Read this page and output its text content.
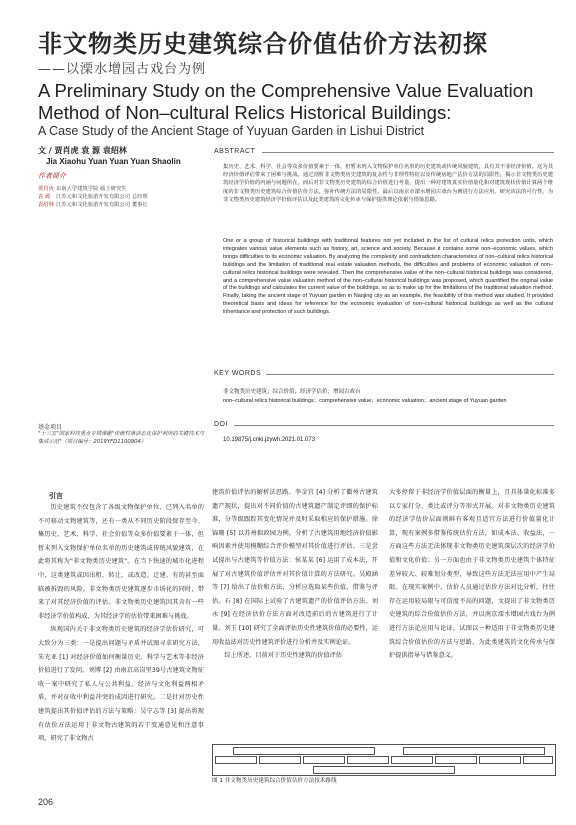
非文物类历史建筑综合价值估价方法初探
——以溧水增园古戏台为例
A Preliminary Study on the Comprehensive Value Evaluation Method of Non–cultural Relics Historical Buildings:
A Case Study of the Ancient Stage of Yuyuan Garden in Lishui District
文 / 贾肖虎 袁 源 袁绍林
Jia Xiaohu Yuan Yuan Yuan Shaolin
作者简介
贾肖虎 东南大学建筑学院 硕士研究生
袁 源 江苏元和文化旅游开发有限公司 总经理
袁绍林 江苏元和文化旅游开发有限公司 董事长
基金项目
"十三五"国家科技重点专项课题"传统村落活态化保护利用的关键技术与集成示范"（项目编号：2019YFD1100904）
ABSTRACT
集历史、艺术、科学、社会等众多价值要素于一体，但暂未列入文物保护单位名单的历史建筑或传统风貌建筑，具有其不菲经济价值。这为其经济价值评估带来了困难与挑战。通过剖析非文物类历史建筑的复杂性与非理性特征以及传统房地产估价方法的局限性，揭示非文物类历史建筑经济学价值的内涵与问题所在，而后对非文物类历史建筑的综合价值进行考量，提出一种对建筑真实价值量化和对建筑现状价值计算两个维度的非文物类历史建筑综合价值估价方法，弥补传统方法的局限性。最后以南京市溧水增园古戏台为例进行方法应用，研究该法的可行性，为非文物类历史建筑经济学价值评估以及此类建筑的文化传承与保护提供理论依据与借鉴思路。
One or a group of historical buildings with traditional features not yet included in the list of cultural relics protection units, which integrates various value elements such as history, art, science and society. Because it contains some non–economic values, which brings difficulties to its economic valuation. By analyzing the complexity and contradiction characteristics of non–cultural relics historical buildings and the limitation of traditional real estate valuation methods, the difficulties and problems of economic valuation of non–cultural relics historical buildings were revealed. Then the comprehensive value of the non–cultural historical buildings was considered, and a comprehensive value valuation method of the non–cultural historical buildings was proposed, which quantified the original value of the buildings and calculates the current value of the buildings, so as to make up for the limitations of the traditional valuation method. Finally, taking the ancient stage of Yuyuan garden in Nanjing city as an example, the feasibility of this method was studied. It provided theoretical basis and ideas for reference for the economic evaluation of non–cultural historical buildings as well as the cultural inheritance and protection of such buildings.
KEY WORDS
非文物类历史建筑；综合价值；经济学估价；增园古戏台
non–cultural relics historical buildings；comprehensive value；economic valuation；ancient stage of Yuyuan garden
DOI
10.19875/j.cnki.jzywh.2021.01.073
引言

历史建筑不仅包含了各级文物保护单位、已列入名单的不可移动文物建筑等，还有一类从不同历史阶段保存至今、集历史、艺术、科学、社会价值等众多价值要素于一体，但暂未列入文物保护单位名单的历史建筑或传统风貌建筑，在此将其称为"非文物类历史建筑"。在当下快速的城市化进程中，这类建筑或因出租、转让、或改造、迁建、有的甚至面临被拆毁的风险。非文物类历史建筑逐步市场化的同时，带来了对其经济价值的评估。非文物类历史建筑因其含有一些非经济学价值构成，为其经济学的估价带来困难与挑战。

纵观国内关于非文物类历史建筑的经济学估价研究，可大致分为三类：一是提出问题与矛盾并试图寻求研究方法，朱光亚 [1] 对经济价值如何衡量历史、科学与艺术等非经济价值进行了发问。刘博 [2] 由南京高岗里39号古建筑文物征收一案中研究了私人与公共利益、经济与文化利益两相矛盾，并对征收中利益冲突的成因进行研究。二是针对历史性建筑提出其价值评估的方法与策略：吴宁志等 [3] 提出将现有估价方法运用于非文物古建筑的若干变通意见和注意事项，研究了非文物古

建筑价值评估的解析法思路。李金宜 [4] 分析了衢州古建筑遗产现状，提出对不同价值的古建筑遗产制定评细的保护标准，分等级跟踪其变化情况并及时采取相应的保护措施。徐锦珊 [5] 以苏州拙政园为例，分析了古建筑用地经济价值影响因素并使用模糊综合评价模型对其价值进行评估。三是尝试提出与古建筑等价值方法：侯某某 [6] 运用了成本法，开展了对古建筑价值评估并对其价值计算的方法研究。吴殿涵等 [7] 给出了估价和方法，分析应选取某些价值、借鉴与评估。石 [8] 在国际上试验了古建筑遗产的价值评估方法。刘永 [9] 在经济估价方法方面对改造前后的古建筑进行了计量。刘玉 [10] 研究了全面评估历史性建筑价值的必要性，运用收益法对历史性建筑评价进行分析并及实例论证。

综上所述，目前对于历史性建筑的价值评估

大多停留于非经济学价值层面的衡量上，且具体量化标准多以专家打分、类比或评分等形式开展。对非文物类历史建筑的经济学估价层面则鲜有客观且适宜方法进行价值量化计算，现有案例多借鉴传统估价方法，如成本法、收益法，一方面这些方法无法体现非文物类历史建筑深层次的经济学价值和文化价值；另一方面也由于非文物类历史建筑个体特征差异较大、较难划分类型，导致这些方法无法应用中产生局限。在现实案例中，估价人员通过估价方法对比分析，往往存在运用较局限与可信度不高的问题，文提出了非文物类历史建筑的综合价值估价方法，并以南京溧水增园古戏台为例进行方法论应用与论证，试图以一种适用于非文物类历史建筑综合价值估价的方法与思路，为此类建筑的文化传承与保护提供指导与借鉴意义。

图 1 非文物类历史建筑综合价值估价方法技术路线
206
